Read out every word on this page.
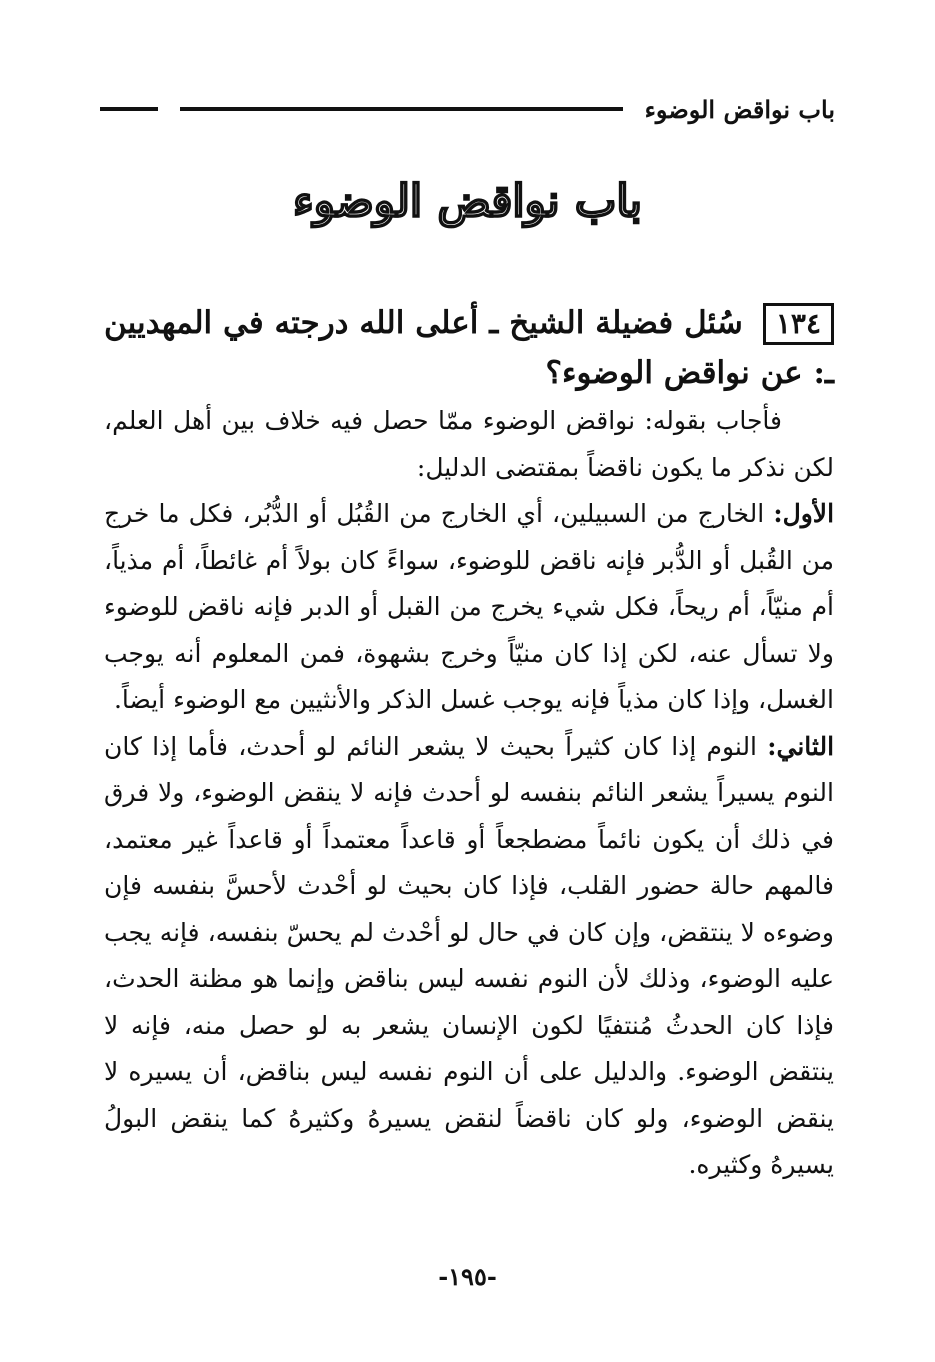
باب نواقض الوضوء
باب نواقض الوضوء
١٣٤سُئل فضيلة الشيخ ـ أعلى الله درجته في المهديين ـ: عن نواقض الوضوء؟

فأجاب بقوله: نواقض الوضوء ممّا حصل فيه خلاف بين أهل العلم، لكن نذكر ما يكون ناقضاً بمقتضى الدليل:

الأول: الخارج من السبيلين، أي الخارج من القُبُل أو الدُّبُر، فكل ما خرج من القُبل أو الدُّبر فإنه ناقض للوضوء، سواءً كان بولاً أم غائطاً، أم مذياً، أم منيّاً، أم ريحاً، فكل شيء يخرج من القبل أو الدبر فإنه ناقض للوضوء ولا تسأل عنه، لكن إذا كان منيّاً وخرج بشهوة، فمن المعلوم أنه يوجب الغسل، وإذا كان مذياً فإنه يوجب غسل الذكر والأنثيين مع الوضوء أيضاً.

الثاني: النوم إذا كان كثيراً بحيث لا يشعر النائم لو أحدث، فأما إذا كان النوم يسيراً يشعر النائم بنفسه لو أحدث فإنه لا ينقض الوضوء، ولا فرق في ذلك أن يكون نائماً مضطجعاً أو قاعداً معتمداً أو قاعداً غير معتمد، فالمهم حالة حضور القلب، فإذا كان بحيث لو أحْدث لأحسَّ بنفسه فإن وضوءه لا ينتقض، وإن كان في حال لو أحْدث لم يحسّ بنفسه، فإنه يجب عليه الوضوء، وذلك لأن النوم نفسه ليس بناقض وإنما هو مظنة الحدث، فإذا كان الحدثُ مُنتفيًا لكون الإنسان يشعر به لو حصل منه، فإنه لا ينتقض الوضوء. والدليل على أن النوم نفسه ليس بناقض، أن يسيره لا ينقض الوضوء، ولو كان ناقضاً لنقض يسيرهُ وكثيرهُ كما ينقض البولُ يسيرهُ وكثيره.

-١٩٥-
